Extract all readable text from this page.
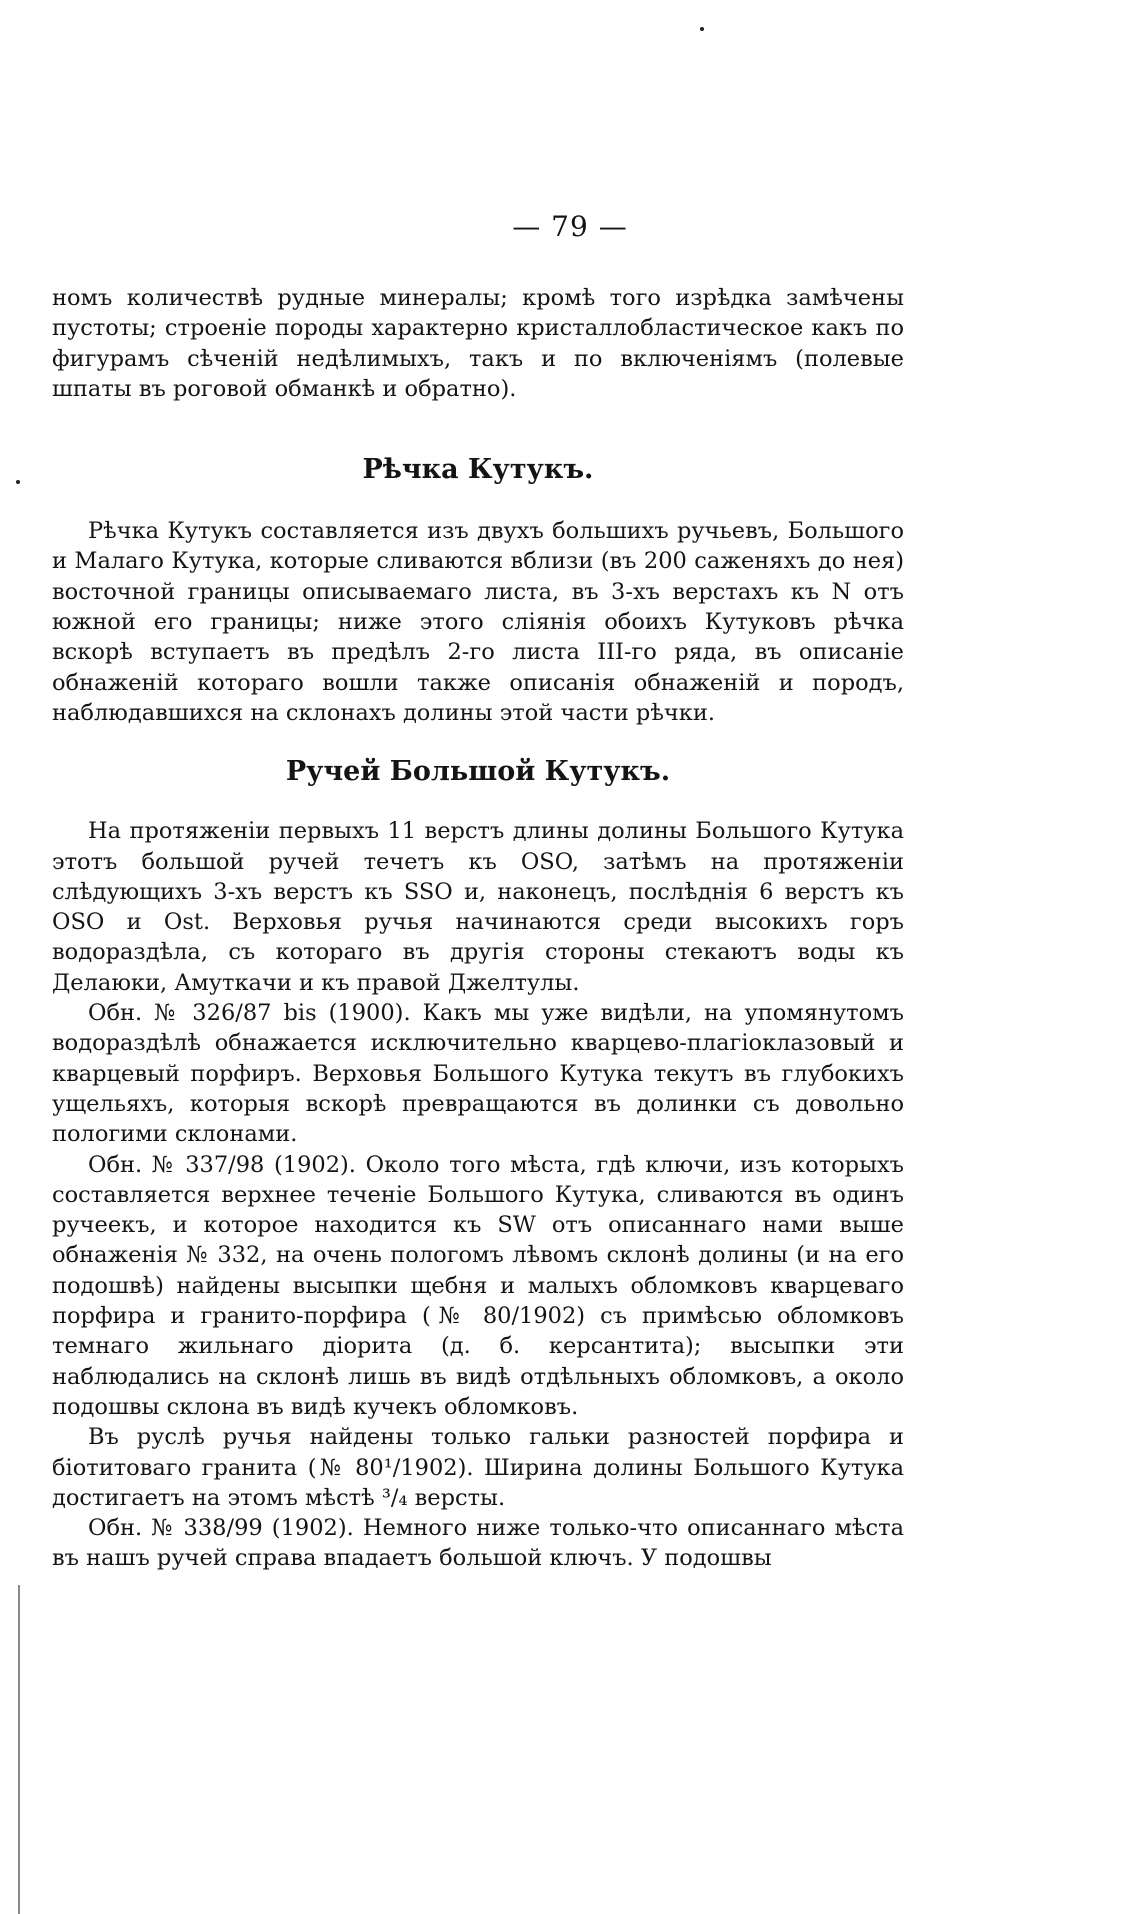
— 79 —

номъ количествѣ рудные минералы; кромѣ того изрѣдка замѣчены пустоты; строеніе породы характерно кристаллобластическое какъ по фигурамъ сѣченій недѣлимыхъ, такъ и по включеніямъ (полевые шпаты въ роговой обманкѣ и обратно).

Рѣчка Кутукъ.

Рѣчка Кутукъ составляется изъ двухъ большихъ ручьевъ, Большого и Малаго Кутука, которые сливаются вблизи (въ 200 саженяхъ до нея) восточной границы описываемаго листа, въ 3-хъ верстахъ къ N отъ южной его границы; ниже этого слiянія обоихъ Кутуковъ рѣчка вскорѣ вступаетъ въ предѣлъ 2-го листа III-го ряда, въ описаніе обнаженій котораго вошли также описанія обнаженій и породъ, наблюдавшихся на склонахъ долины этой части рѣчки.

Ручей Большой Кутукъ.

На протяженіи первыхъ 11 верстъ длины долины Большого Кутука этотъ большой ручей течетъ къ OSO, затѣмъ на протяженіи слѣдующихъ 3-хъ верстъ къ SSO и, наконецъ, послѣднія 6 верстъ къ OSO и Ost. Верховья ручья начинаются среди высокихъ горъ водораздѣла, съ котораго въ другія стороны стекаютъ воды къ Делаюки, Амуткачи и къ правой Джелтулы.

Обн. № 326/87 bis (1900). Какъ мы уже видѣли, на упомянутомъ водораздѣлѣ обнажается исключительно кварцево-плагіоклазовый и кварцевый порфиръ. Верховья Большого Кутука текутъ въ глубокихъ ущельяхъ, которыя вскорѣ превращаются въ долинки съ довольно пологими склонами.

Обн. № 337/98 (1902). Около того мѣста, гдѣ ключи, изъ которыхъ составляется верхнее теченіе Большого Кутука, сливаются въ одинъ ручеекъ, и которое находится къ SW отъ описаннаго нами выше обнаженія № 332, на очень пологомъ лѣвомъ склонѣ долины (и на его подошвѣ) найдены высыпки щебня и малыхъ обломковъ кварцеваго порфира и гранито-порфира (№ 80/1902) съ примѣсью обломковъ темнаго жильнаго діорита (д. б. керсантита); высыпки эти наблюдались на склонѣ лишь въ видѣ отдѣльныхъ обломковъ, а около подошвы склона въ видѣ кучекъ обломковъ.

Въ руслѣ ручья найдены только гальки разностей порфира и біотитоваго гранита (№ 80¹/1902). Ширина долины Большого Кутука достигаетъ на этомъ мѣстѣ ³/₄ версты.

Обн. № 338/99 (1902). Немного ниже только-что описаннаго мѣста въ нашъ ручей справа впадаетъ большой ключъ. У подошвы
